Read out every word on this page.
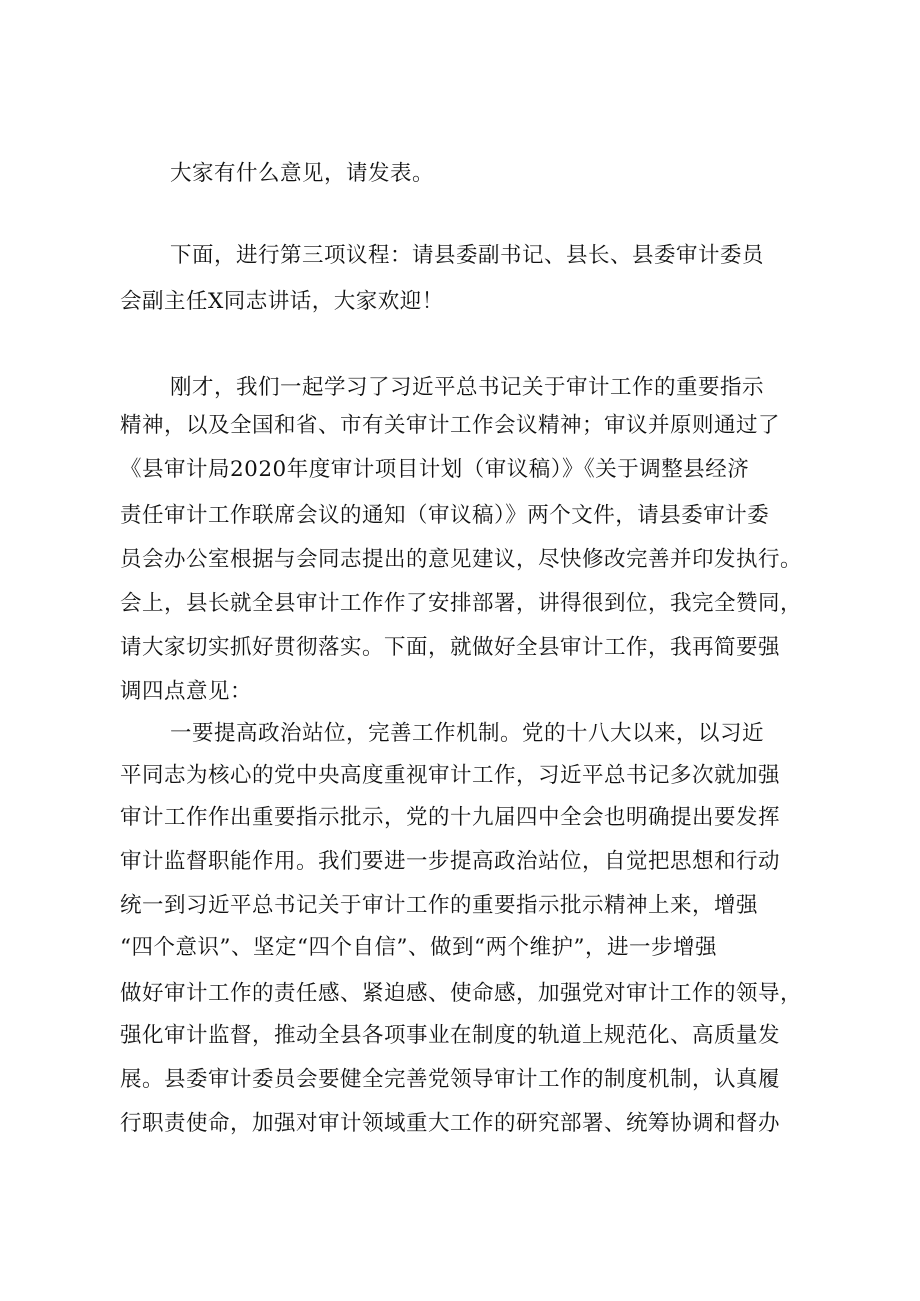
大家有什么意见，请发表。
下面，进行第三项议程：请县委副书记、县长、县委审计委员
会副主任X同志讲话，大家欢迎！
刚才，我们一起学习了习近平总书记关于审计工作的重要指示
精神，以及全国和省、市有关审计工作会议精神；审议并原则通过了
《县审计局2020年度审计项目计划（审议稿）》《关于调整县经济
责任审计工作联席会议的通知（审议稿）》两个文件，请县委审计委
员会办公室根据与会同志提出的意见建议，尽快修改完善并印发执行。
会上，县长就全县审计工作作了安排部署，讲得很到位，我完全赞同，
请大家切实抓好贯彻落实。下面，就做好全县审计工作，我再简要强
调四点意见：
一要提高政治站位，完善工作机制。党的十八大以来，以习近
平同志为核心的党中央高度重视审计工作，习近平总书记多次就加强
审计工作作出重要指示批示，党的十九届四中全会也明确提出要发挥
审计监督职能作用。我们要进一步提高政治站位，自觉把思想和行动
统一到习近平总书记关于审计工作的重要指示批示精神上来，增强
“四个意识”、坚定“四个自信”、做到“两个维护”，进一步增强
做好审计工作的责任感、紧迫感、使命感，加强党对审计工作的领导，
强化审计监督，推动全县各项事业在制度的轨道上规范化、高质量发
展。县委审计委员会要健全完善党领导审计工作的制度机制，认真履
行职责使命，加强对审计领域重大工作的研究部署、统筹协调和督办
